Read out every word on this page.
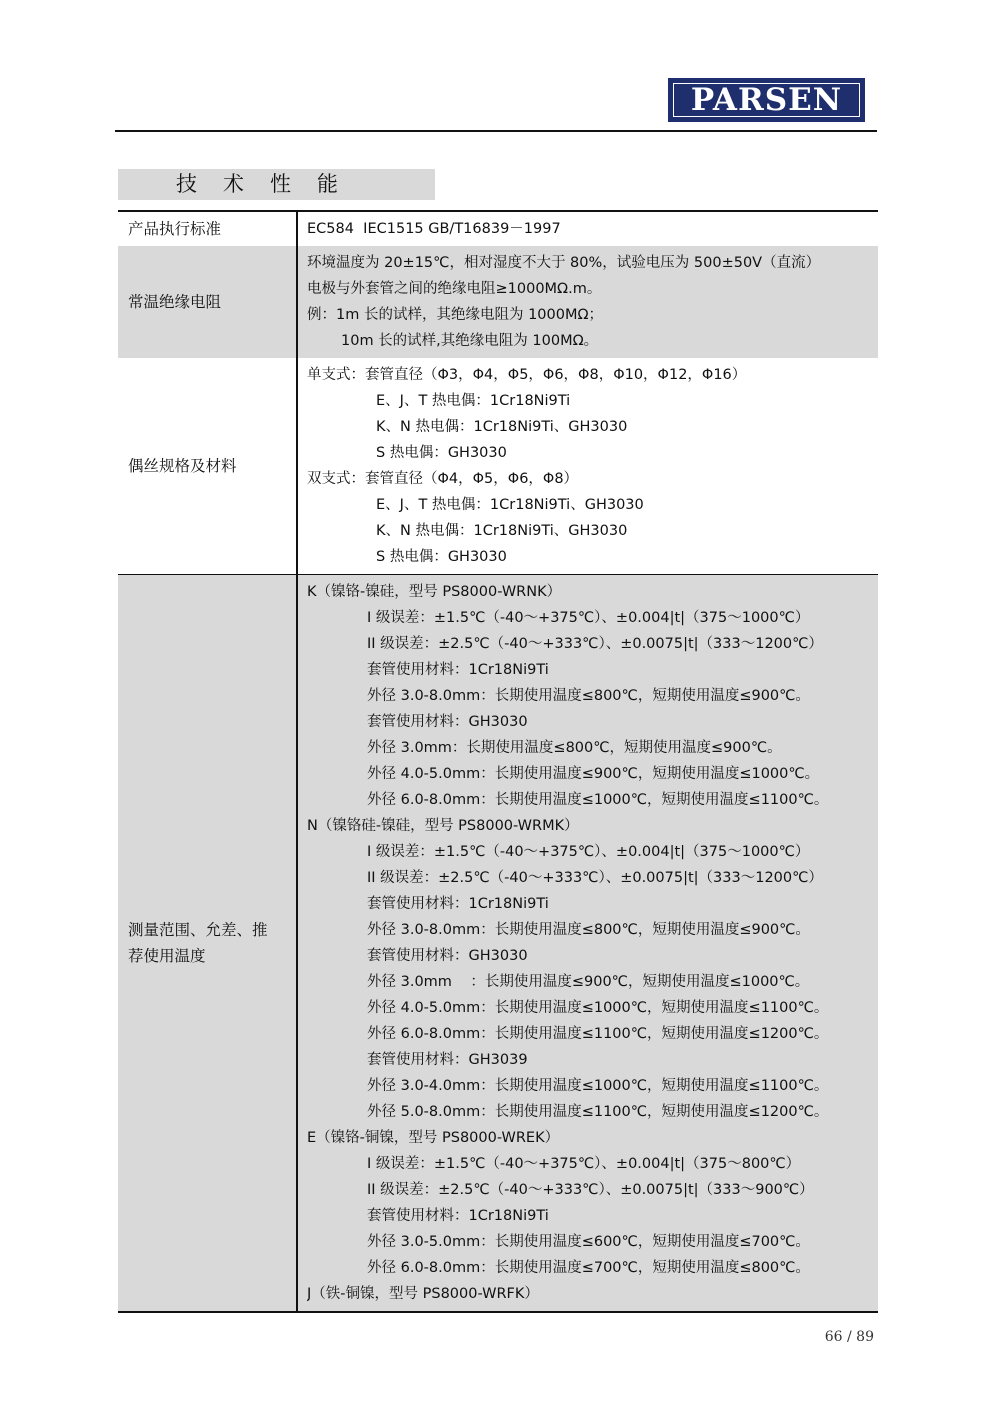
PARSEN
技术性能
产品执行标准	EC584  IEC1515 GB/T16839－1997
常温绝缘电阻
环境温度为 20±15℃，相对湿度不大于 80%，试验电压为 500±50V（直流）
电极与外套管之间的绝缘电阻≥1000MΩ.m。
例：1m 长的试样，其绝缘电阻为 1000MΩ；
10m 长的试样,其绝缘电阻为 100MΩ。
偶丝规格及材料
单支式：套管直径（Φ3，Φ4，Φ5，Φ6，Φ8，Φ10，Φ12，Φ16）
E、J、T 热电偶：1Cr18Ni9Ti
K、N 热电偶：1Cr18Ni9Ti、GH3030
S 热电偶：GH3030
双支式：套管直径（Φ4，Φ5，Φ6，Φ8）
E、J、T 热电偶：1Cr18Ni9Ti、GH3030
K、N 热电偶：1Cr18Ni9Ti、GH3030
S 热电偶：GH3030
测量范围、允差、推
荐使用温度
K（镍铬-镍硅，型号 PS8000-WRNK）
I 级误差：±1.5℃（-40～+375℃）、±0.004|t|（375～1000℃）
II 级误差：±2.5℃（-40～+333℃）、±0.0075|t|（333～1200℃）
套管使用材料：1Cr18Ni9Ti
外径 3.0-8.0mm：长期使用温度≤800℃，短期使用温度≤900℃。
套管使用材料：GH3030
外径 3.0mm：长期使用温度≤800℃，短期使用温度≤900℃。
外径 4.0-5.0mm：长期使用温度≤900℃，短期使用温度≤1000℃。
外径 6.0-8.0mm：长期使用温度≤1000℃，短期使用温度≤1100℃。
N（镍铬硅-镍硅，型号 PS8000-WRMK）
I 级误差：±1.5℃（-40～+375℃）、±0.004|t|（375～1000℃）
II 级误差：±2.5℃（-40～+333℃）、±0.0075|t|（333～1200℃）
套管使用材料：1Cr18Ni9Ti
外径 3.0-8.0mm：长期使用温度≤800℃，短期使用温度≤900℃。
套管使用材料：GH3030
外径 3.0mm    ：长期使用温度≤900℃，短期使用温度≤1000℃。
外径 4.0-5.0mm：长期使用温度≤1000℃，短期使用温度≤1100℃。
外径 6.0-8.0mm：长期使用温度≤1100℃，短期使用温度≤1200℃。
套管使用材料：GH3039
外径 3.0-4.0mm：长期使用温度≤1000℃，短期使用温度≤1100℃。
外径 5.0-8.0mm：长期使用温度≤1100℃，短期使用温度≤1200℃。
E（镍铬-铜镍，型号 PS8000-WREK）
I 级误差：±1.5℃（-40～+375℃）、±0.004|t|（375～800℃）
II 级误差：±2.5℃（-40～+333℃）、±0.0075|t|（333～900℃）
套管使用材料：1Cr18Ni9Ti
外径 3.0-5.0mm：长期使用温度≤600℃，短期使用温度≤700℃。
外径 6.0-8.0mm：长期使用温度≤700℃，短期使用温度≤800℃。
J（铁-铜镍，型号 PS8000-WRFK）
66 / 89
